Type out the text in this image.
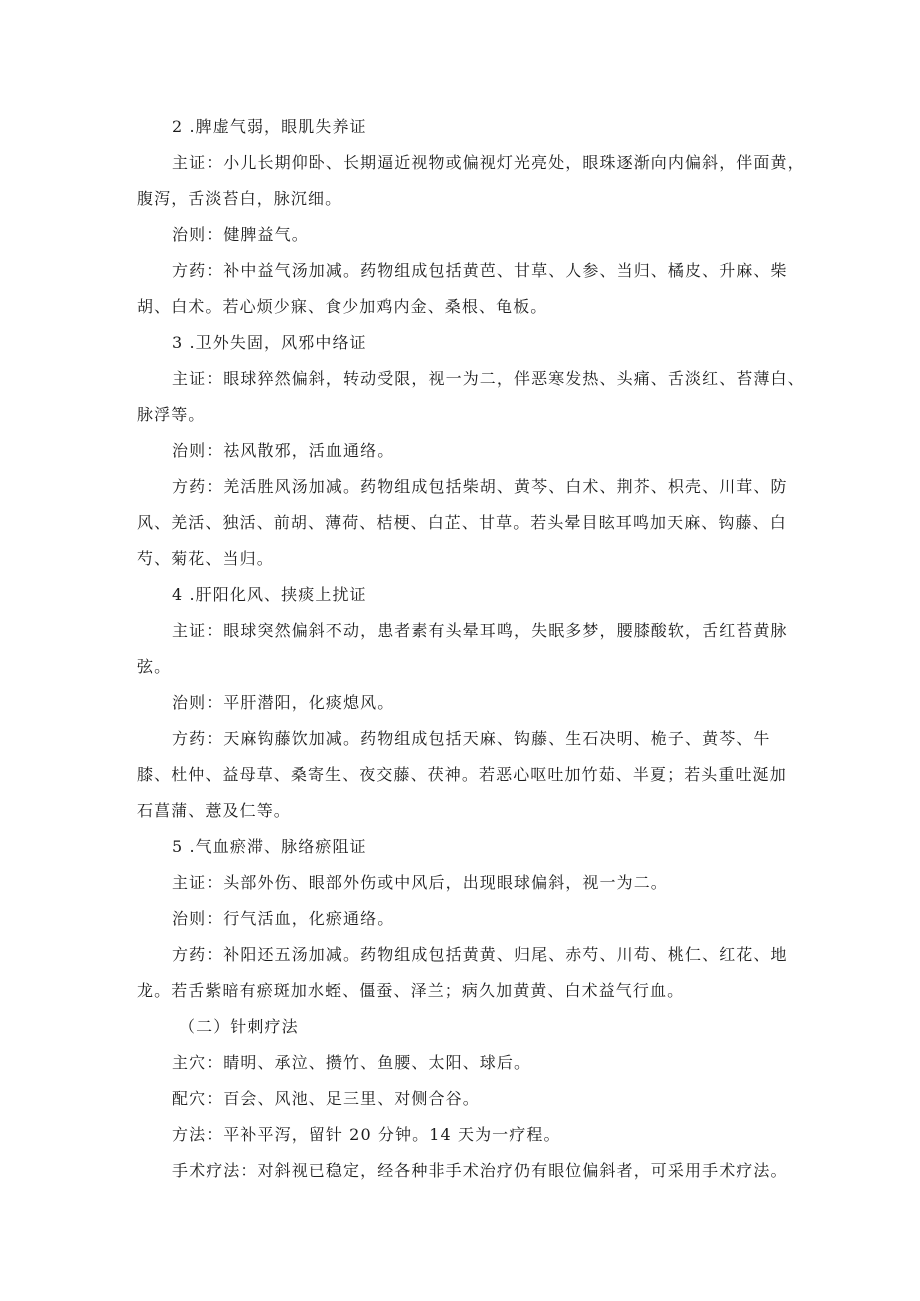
2 .脾虚气弱，眼肌失养证
主证：小儿长期仰卧、长期逼近视物或偏视灯光亮处，眼珠逐渐向内偏斜，伴面黄，
腹泻，舌淡苔白，脉沉细。
治则：健脾益气。
方药：补中益气汤加减。药物组成包括黄芭、甘草、人参、当归、橘皮、升麻、柴
胡、白术。若心烦少寐、食少加鸡内金、桑根、龟板。
3 .卫外失固，风邪中络证
主证：眼球猝然偏斜，转动受限，视一为二，伴恶寒发热、头痛、舌淡红、苔薄白、
脉浮等。
治则：祛风散邪，活血通络。
方药：羌活胜风汤加减。药物组成包括柴胡、黄芩、白术、荆芥、枳壳、川茸、防
风、羌活、独活、前胡、薄荷、桔梗、白芷、甘草。若头晕目眩耳鸣加天麻、钩藤、白
芍、菊花、当归。
4 .肝阳化风、挟痰上扰证
主证：眼球突然偏斜不动，患者素有头晕耳鸣，失眠多梦，腰膝酸软，舌红苔黄脉
弦。
治则：平肝潜阳，化痰熄风。
方药：天麻钩藤饮加减。药物组成包括天麻、钩藤、生石决明、桅子、黄芩、牛
膝、杜仲、益母草、桑寄生、夜交藤、茯神。若恶心呕吐加竹茹、半夏；若头重吐涎加
石菖蒲、薏及仁等。
5 .气血瘀滞、脉络瘀阻证
主证：头部外伤、眼部外伤或中风后，出现眼球偏斜，视一为二。
治则：行气活血，化瘀通络。
方药：补阳还五汤加减。药物组成包括黄黄、归尾、赤芍、川苟、桃仁、红花、地
龙。若舌紫暗有瘀斑加水蛭、僵蚕、泽兰；病久加黄黄、白术益气行血。
（二）针刺疗法
主穴：睛明、承泣、攒竹、鱼腰、太阳、球后。
配穴：百会、风池、足三里、对侧合谷。
方法：平补平泻，留针 20 分钟。14 天为一疗程。
手术疗法：对斜视已稳定，经各种非手术治疗仍有眼位偏斜者，可采用手术疗法。
